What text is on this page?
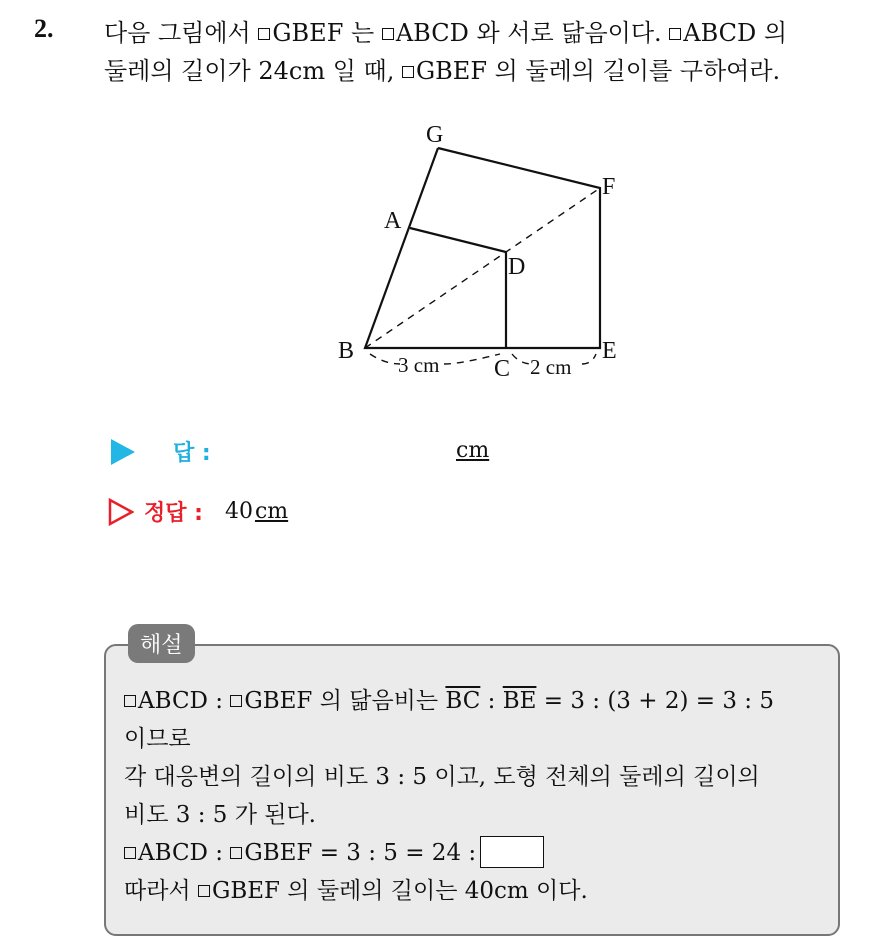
2. 다음 그림에서 GBEF 는 ABCD 와 서로 닮음이다. ABCD 의
둘레의 길이가 24cm 일 때, GBEF 의 둘레의 길이를 구하여라.
G
F
A
D
B
C
E
3 cm	2 cm
답 :	cm
정답 : 40cm
해설
ABCD : GBEF 의 닮음비는 $\overline{BC}$ : $\overline{BE} = 3$ : (3 + 2) = 3 : 5
이므로
각 대응변의 길이의 비도 3 : 5 이고, 도형 전체의 둘레의 길이의
비도 3 : 5 가 된다.
ABCD : GBEF = 3 : 5 = 24 :
따라서 GBEF 의 둘레의 길이는 40cm 이다.
